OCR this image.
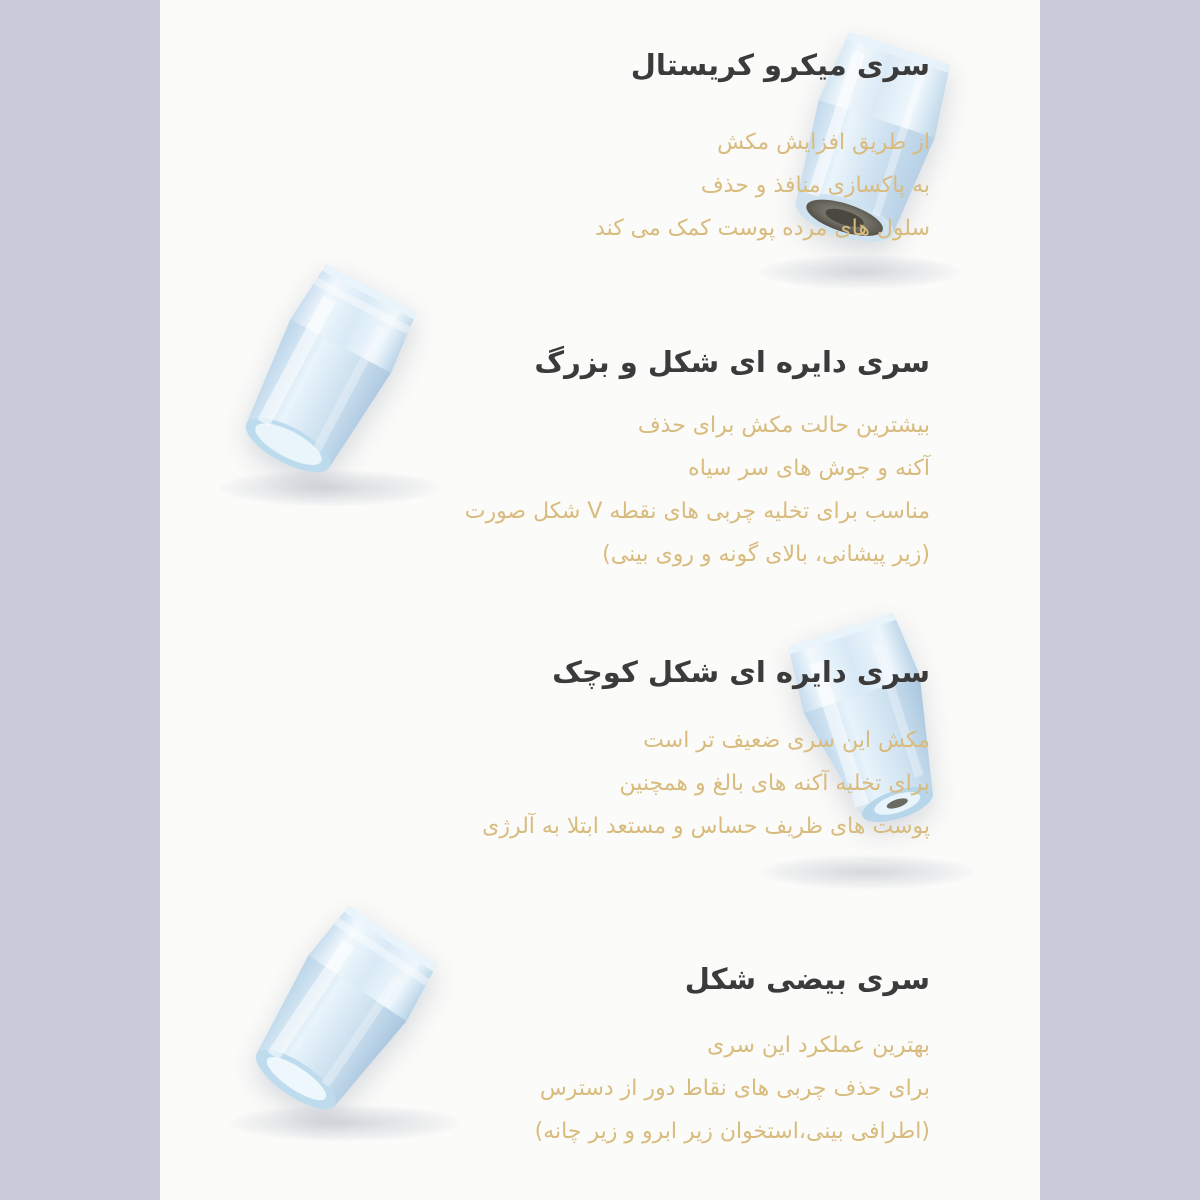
سری میکرو کریستال
از طریق افزایش مکش
به پاکسازی منافذ و حذف
سلول های مرده پوست کمک می کند
سری دایره ای شکل و بزرگ
بیشترین حالت مکش برای حذف
آکنه و جوش های سر سیاه
مناسب برای تخلیه چربی های نقطه V شکل صورت
(زیر پیشانی، بالای گونه و روی بینی)
سری دایره ای شکل کوچک
مکش این سری ضعیف تر است
برای تخلیه آکنه های بالغ و همچنین
پوست های ظریف حساس و مستعد ابتلا به آلرژی
سری بیضی شکل
بهترین عملکرد این سری
برای حذف چربی های نقاط دور از دسترس
(اطرافی بینی،استخوان زیر ابرو و زیر چانه)
